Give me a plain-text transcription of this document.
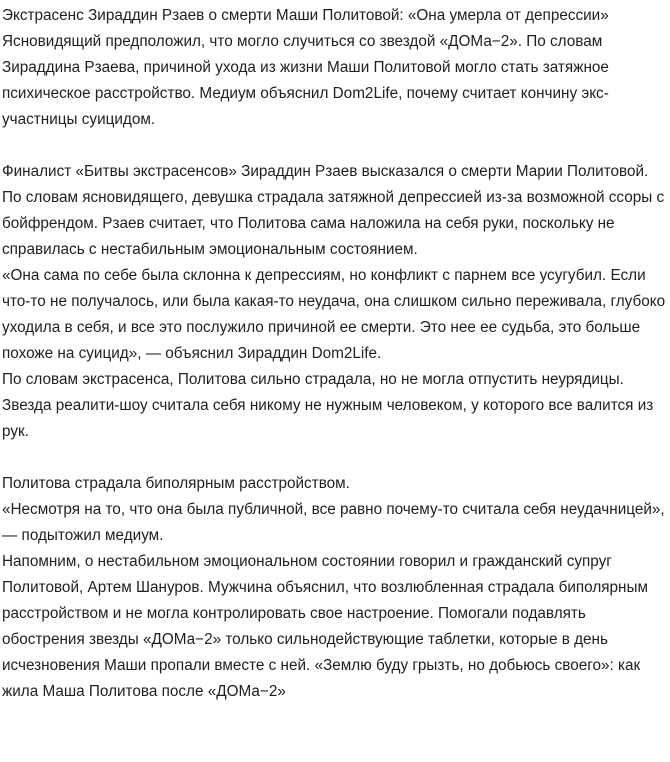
Экстрасенс Зираддин Рзаев о смерти Маши Политовой: «Она умерла от депрессии»

Ясновидящий предположил, что могло случиться со звездой «ДОМа−2». По словам Зираддина Рзаева, причиной ухода из жизни Маши Политовой могло стать затяжное психическое расстройство. Медиум объяснил Dom2Life, почему считает кончину экс-участницы суицидом.

Финалист «Битвы экстрасенсов» Зираддин Рзаев высказался о смерти Марии Политовой. По словам ясновидящего, девушка страдала затяжной депрессией из-за возможной ссоры с бойфрендом. Рзаев считает, что Политова сама наложила на себя руки, поскольку не справилась с нестабильным эмоциональным состоянием.

«Она сама по себе была склонна к депрессиям, но конфликт с парнем все усугубил. Если что-то не получалось, или была какая-то неудача, она слишком сильно переживала, глубоко уходила в себя, и все это послужило причиной ее смерти. Это нее ее судьба, это больше похоже на суицид», — объяснил Зираддин Dom2Life.

По словам экстрасенса, Политова сильно страдала, но не могла отпустить неурядицы. Звезда реалити-шоу считала себя никому не нужным человеком, у которого все валится из рук.

Политова страдала биполярным расстройством.

«Несмотря на то, что она была публичной, все равно почему-то считала себя неудачницей», — подытожил медиум.

Напомним, о нестабильном эмоциональном состоянии говорил и гражданский супруг Политовой, Артем Шануров. Мужчина объяснил, что возлюбленная страдала биполярным расстройством и не могла контролировать свое настроение. Помогали подавлять обострения звезды «ДОМа−2» только сильнодействующие таблетки, которые в день исчезновения Маши пропали вместе с ней. «Землю буду грызть, но добьюсь своего»: как жила Маша Политова после «ДОМа−2»
